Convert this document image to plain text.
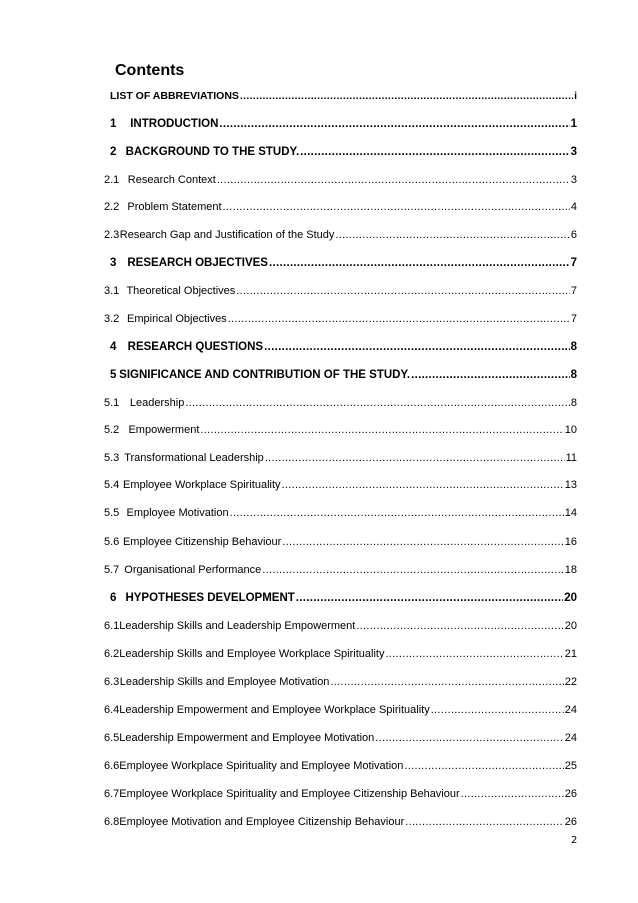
Contents
LIST OF ABBREVIATIONS .....	i
1	INTRODUCTION .....	1
2 BACKGROUND TO THE STUDY. .....	3
2.1 Research Context .....	3
2.2 Problem Statement .....	4
2.3 Research Gap and Justification of the Study .....	6
3 RESEARCH OBJECTIVES .....	7
3.1 Theoretical Objectives .....	7
3.2 Empirical Objectives .....	7
4 RESEARCH QUESTIONS .....	8
5 SIGNIFICANCE AND CONTRIBUTION OF THE STUDY. .....	8
5.1 Leadership .....	8
5.2 Empowerment .....	10
5.3 Transformational Leadership .....	11
5.4 Employee Workplace Spirituality .....	13
5.5 Employee Motivation .....	14
5.6 Employee Citizenship Behaviour .....	16
5.7 Organisational Performance .....	18
6 HYPOTHESES DEVELOPMENT .....	20
6.1 Leadership Skills and Leadership Empowerment .....	20
6.2 Leadership Skills and Employee Workplace Spirituality .....	21
6.3 Leadership Skills and Employee Motivation .....	22
6.4 Leadership Empowerment and Employee Workplace Spirituality .....	24
6.5 Leadership Empowerment and Employee Motivation .....	24
6.6 Employee Workplace Spirituality and Employee Motivation .....	25
6.7 Employee Workplace Spirituality and Employee Citizenship Behaviour .....	26
6.8 Employee Motivation and Employee Citizenship Behaviour .....	26
2
